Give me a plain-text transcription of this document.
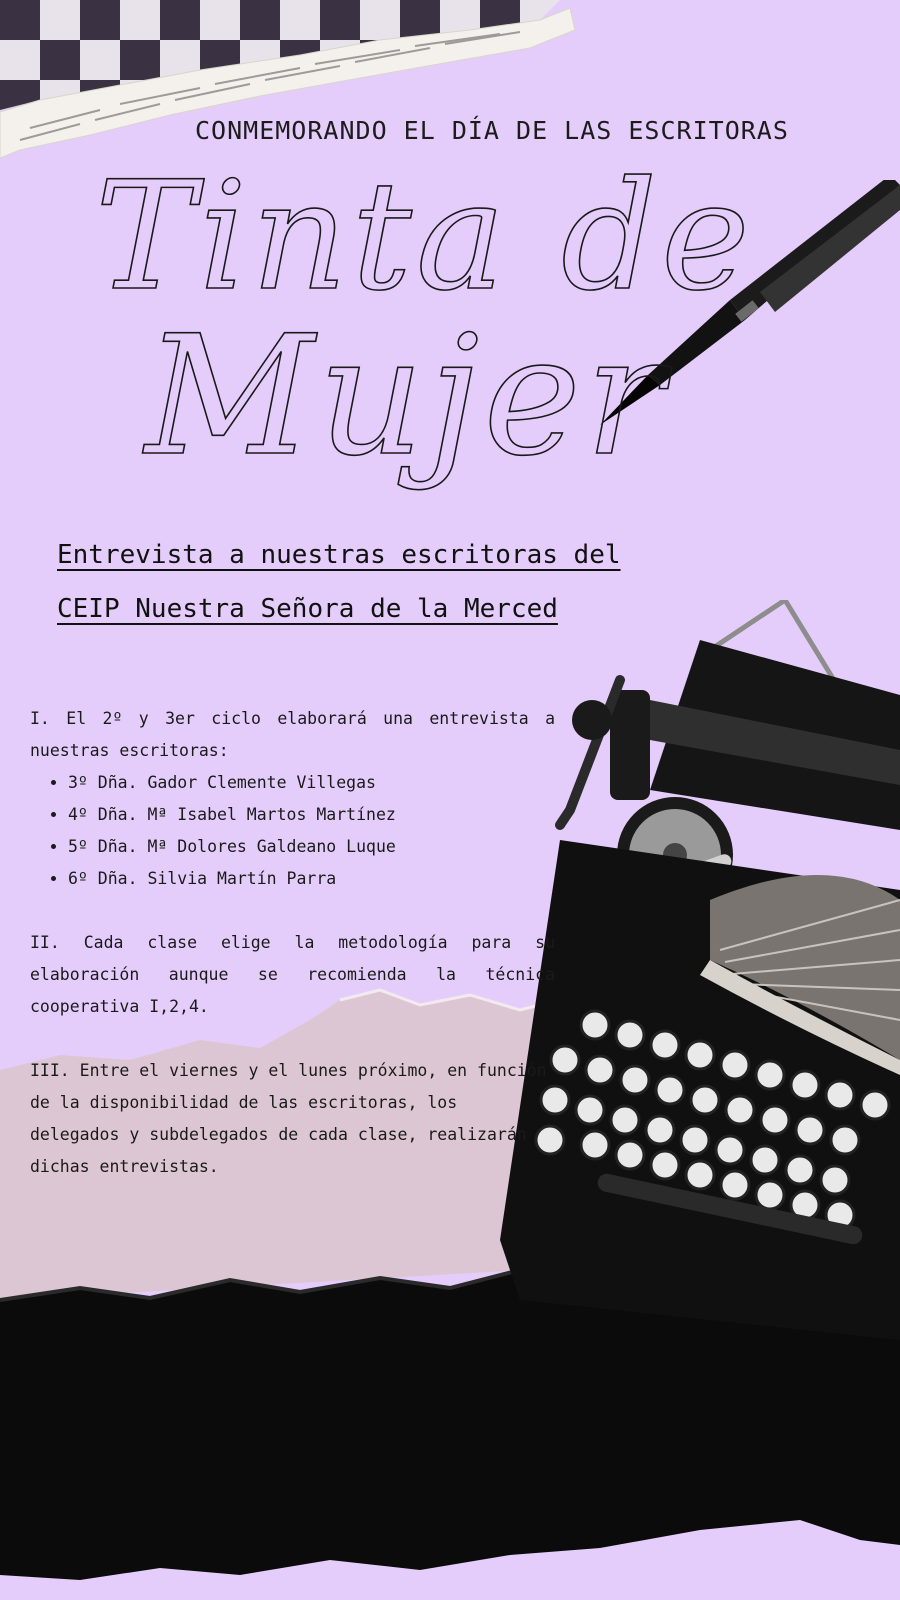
CONMEMORANDO EL DÍA DE LAS ESCRITORAS
Tinta de
Mujer
Entrevista a nuestras escritoras del
CEIP Nuestra Señora de la Merced

I. El 2º y 3er ciclo elaborará una entrevista a nuestras escritoras:

• 3º Dña. Gador Clemente Villegas
• 4º Dña. Mª Isabel Martos Martínez
• 5º Dña. Mª Dolores Galdeano Luque
• 6º Dña. Silvia Martín Parra

II. Cada clase elige la metodología para su elaboración aunque se recomienda la técnica cooperativa I,2,4.

III. Entre el viernes y el lunes próximo, en función de la disponibilidad de las escritoras, los delegados y subdelegados de cada clase, realizarán dichas entrevistas.
